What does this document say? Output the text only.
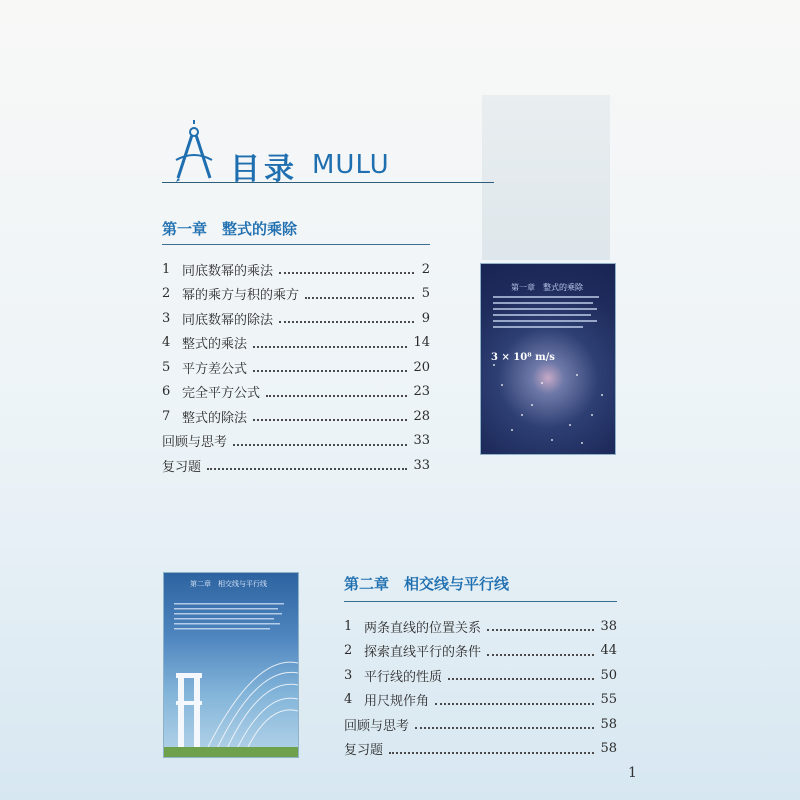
目录 MULU
第一章　整式的乘除
1 同底数幂的乘法	2
2 幂的乘方与积的乘方	5
3 同底数幂的除法	9
4 整式的乘法	14
5 平方差公式	20
6 完全平方公式	23
7 整式的除法	28
回顾与思考	33
复习题	33
第一章　整式的乘除
3 × 10⁸ m/s
第二章　相交线与平行线
1 两条直线的位置关系	38
2 探索直线平行的条件	44
3 平行线的性质	50
4 用尺规作角	55
回顾与思考	58
复习题	58
第二章　相交线与平行线
1
